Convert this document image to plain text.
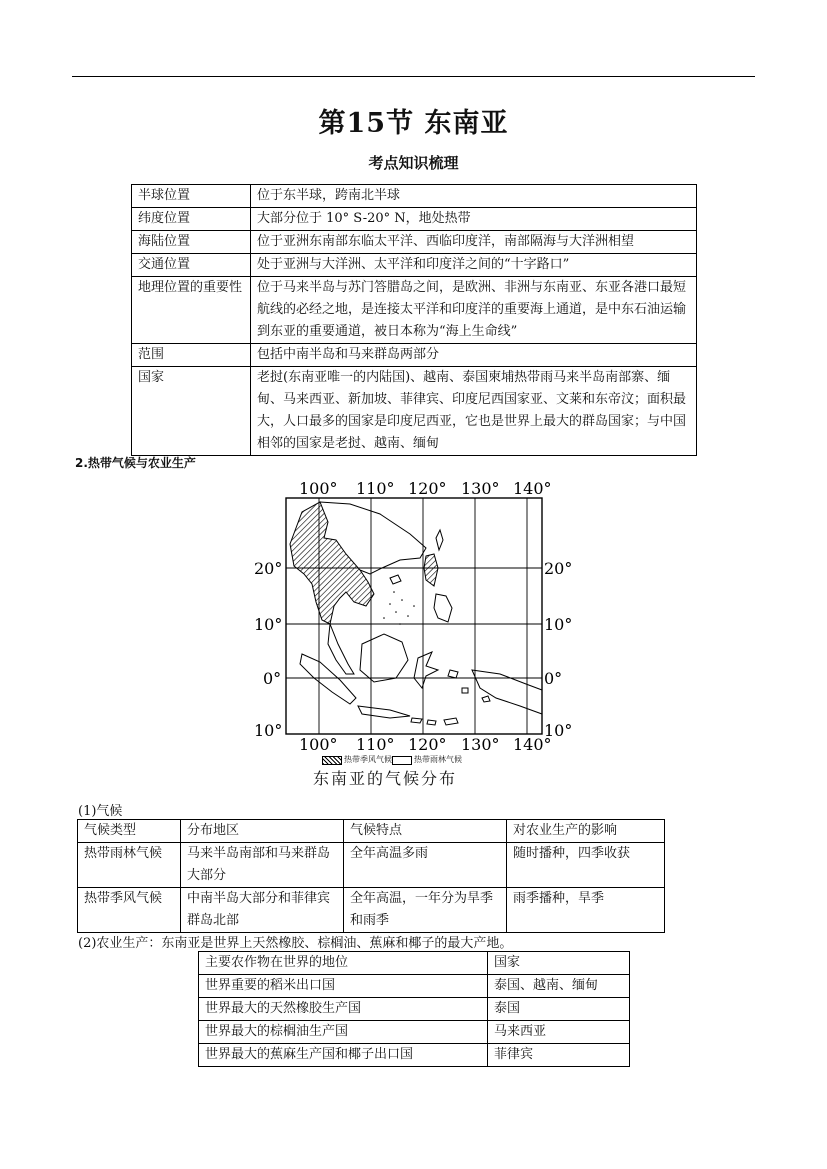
第15节 东南亚
考点知识梳理
半球位置	位于东半球，跨南北半球
纬度位置	大部分位于 10° S-20° N，地处热带
海陆位置	位于亚洲东南部东临太平洋、西临印度洋，南部隔海与大洋洲相望
交通位置	处于亚洲与大洋洲、太平洋和印度洋之间的“十字路口”
地理位置的重要性	位于马来半岛与苏门答腊岛之间，是欧洲、非洲与东南亚、东亚各港口最短航线的必经之地，是连接太平洋和印度洋的重要海上通道，是中东石油运输到东亚的重要通道，被日本称为“海上生命线”
范围	包括中南半岛和马来群岛两部分
国家	老挝(东南亚唯一的内陆国)、越南、泰国柬埔热带雨马来半岛南部寨、缅甸、马来西亚、新加坡、菲律宾、印度尼西国家亚、文莱和东帝汶；面积最大，人口最多的国家是印度尼西亚，它也是世界上最大的群岛国家；与中国相邻的国家是老挝、越南、缅甸
2.热带气候与农业生产
100° 110° 120° 130° 140°
100° 110° 120° 130° 140°
20°
10°
0°
10°
20°
10°
0°
10°
热带季风气候	热带雨林气候
东南亚的气候分布
(1)气候
气候类型	分布地区	气候特点	对农业生产的影响
热带雨林气候	马来半岛南部和马来群岛大部分	全年高温多雨	随时播种，四季收获
热带季风气候	中南半岛大部分和菲律宾群岛北部	全年高温，一年分为旱季和雨季	雨季播种，旱季
(2)农业生产：东南亚是世界上天然橡胶、棕榈油、蕉麻和椰子的最大产地。
主要农作物在世界的地位	国家
世界重要的稻米出口国	泰国、越南、缅甸
世界最大的天然橡胶生产国	泰国
世界最大的棕榈油生产国	马来西亚
世界最大的蕉麻生产国和椰子出口国	菲律宾
